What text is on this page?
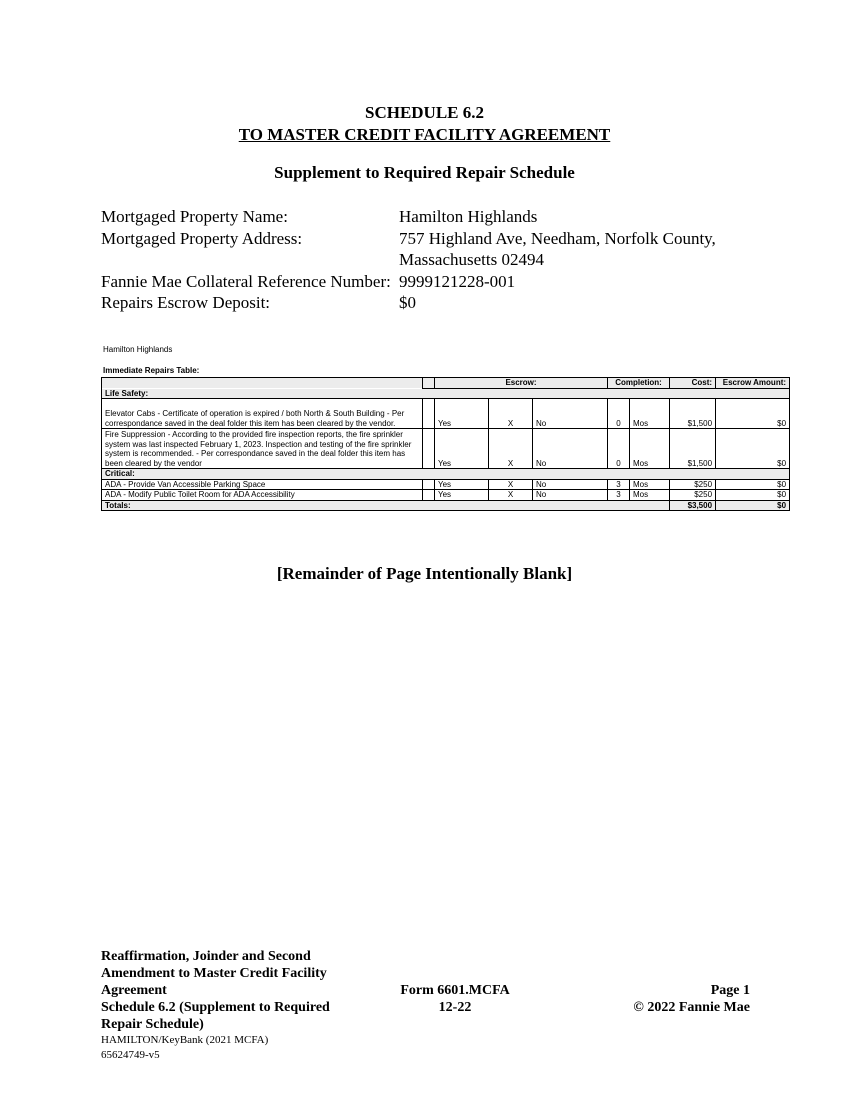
SCHEDULE 6.2
TO MASTER CREDIT FACILITY AGREEMENT
Supplement to Required Repair Schedule
Mortgaged Property Name:	Hamilton Highlands
Mortgaged Property Address:	757 Highland Ave, Needham, Norfolk County,
Massachusetts 02494
Fannie Mae Collateral Reference Number: 9999121228-001
Repairs Escrow Deposit:	$0
Hamilton Highlands
Immediate Repairs Table:
		Escrow:			Completion:		Cost:	Escrow Amount:
Life Safety:								
Elevator Cabs - Certificate of operation is expired / both North & South Building - Per correspondance saved in the deal folder this item has been cleared by the vendor.		Yes	X	No	0	Mos	$1,500	$0
Fire Suppression - According to the provided fire inspection reports, the fire sprinkler system was last inspected February 1, 2023. Inspection and testing of the fire sprinkler system is recommended. - Per correspondance saved in the deal folder this item has been cleared by the vendor		Yes	X	No	0	Mos	$1,500	$0
Critical:								
ADA - Provide Van Accessible Parking Space		Yes	X	No	3	Mos	$250	$0
ADA - Modify Public Toilet Room for ADA Accessibility		Yes	X	No	3	Mos	$250	$0
Totals:							$3,500	$0
[Remainder of Page Intentionally Blank]
Reaffirmation, Joinder and Second
Amendment to Master Credit Facility
Agreement
Schedule 6.2 (Supplement to Required
Repair Schedule)
HAMILTON/KeyBank (2021 MCFA)
65624749-v5
Form 6601.MCFA
12-22
Page 1
© 2022 Fannie Mae
